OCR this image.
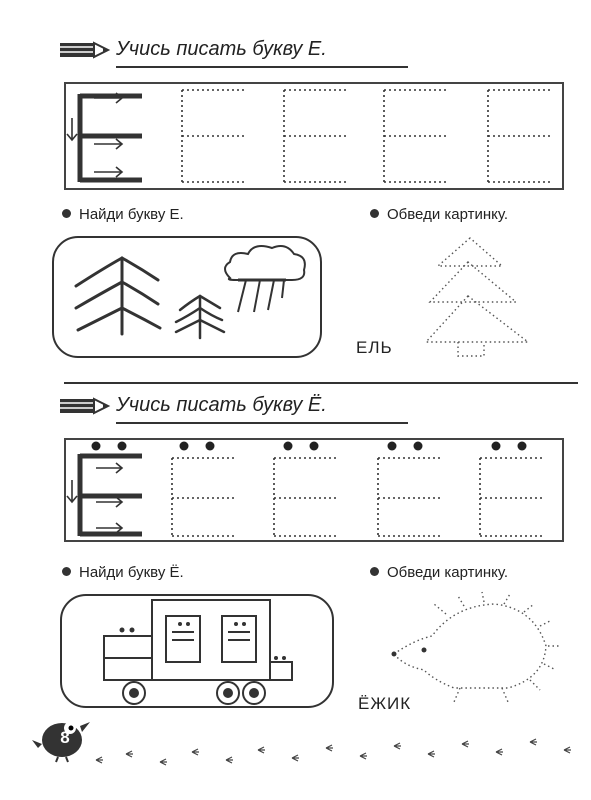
Учись писать букву Е.
Найди букву Е.	Обведи картинку.
ЕЛЬ
Учись писать букву Ё.
Найди букву Ё.	Обведи картинку.
ЁЖИК
8
